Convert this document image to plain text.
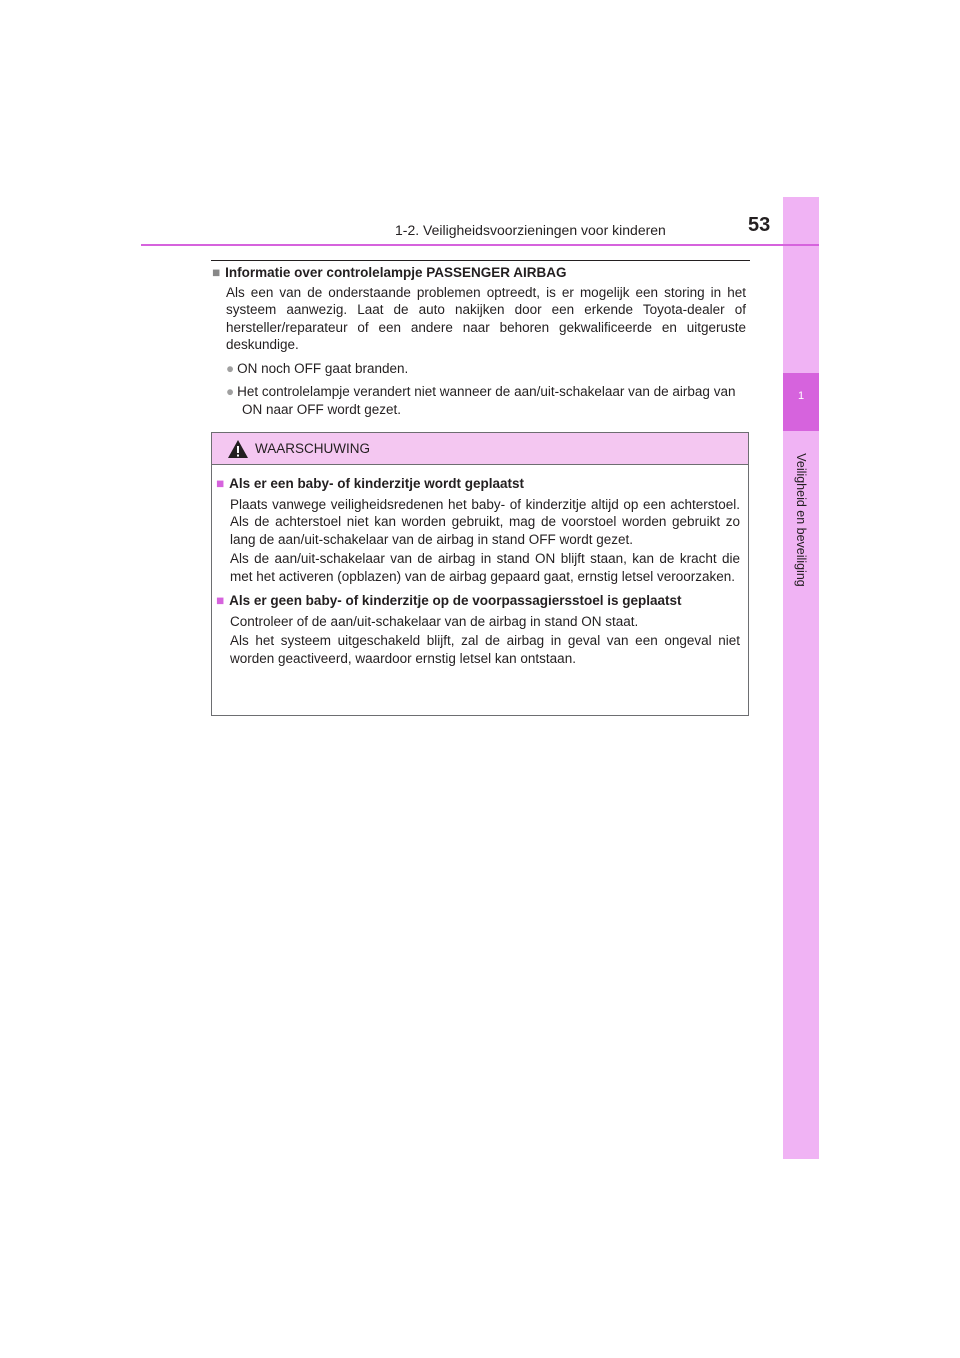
1
Veiligheid en beveiliging
1-2. Veiligheidsvoorzieningen voor kinderen	53

■ Informatie over controlelampje PASSENGER AIRBAG

Als een van de onderstaande problemen optreedt, is er mogelijk een storing in het systeem aanwezig. Laat de auto nakijken door een erkende Toyota-dealer of hersteller/reparateur of een andere naar behoren gekwalificeerde en uitgeruste deskundige.

● ON noch OFF gaat branden.

● Het controlelampje verandert niet wanneer de aan/uit-schakelaar van de airbag van ON naar OFF wordt gezet.

WAARSCHUWING

■ Als er een baby- of kinderzitje wordt geplaatst

Plaats vanwege veiligheidsredenen het baby- of kinderzitje altijd op een achterstoel. Als de achterstoel niet kan worden gebruikt, mag de voorstoel worden gebruikt zo lang de aan/uit-schakelaar van de airbag in stand OFF wordt gezet.

Als de aan/uit-schakelaar van de airbag in stand ON blijft staan, kan de kracht die met het activeren (opblazen) van de airbag gepaard gaat, ernstig letsel veroorzaken.

■ Als er geen baby- of kinderzitje op de voorpassagiersstoel is geplaatst

Controleer of de aan/uit-schakelaar van de airbag in stand ON staat.

Als het systeem uitgeschakeld blijft, zal de airbag in geval van een ongeval niet worden geactiveerd, waardoor ernstig letsel kan ontstaan.
